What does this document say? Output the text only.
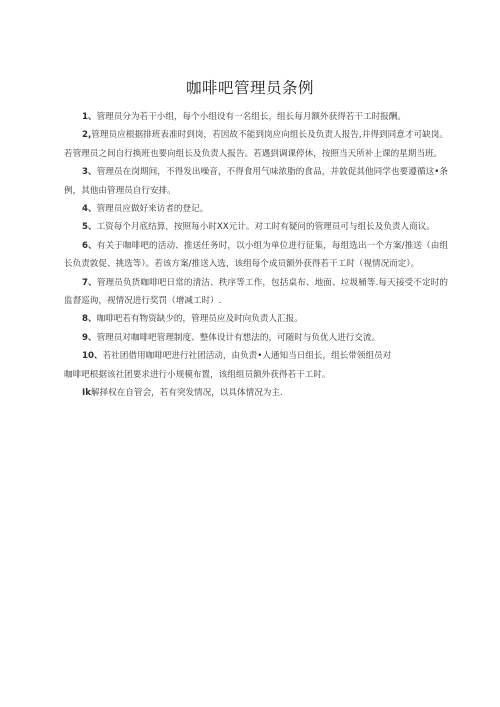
咖啡吧管理员条例

1、管理员分为若干小组，每个小组设有一名组长，组长每月额外获得若干工时报酬。

2,管理员应根据排班表准时到岗，若因故不能到岗应向组长及负责人报告,并得到同意才可缺岗。若管理员之间自行换班也要向组长及负责人报告。若遇到调课停休，按照当天所补上课的星期当班。

3、管理员在岗期间，不得发出噪音，不得食用气味浓脂的食品，并敦促其他同学也要遵循这•条例，其他由管理员自行安排。

4、管理员应做好来访者的登记。

5、工资每个月底结算，按照每小时XX元计。对工时有疑问的管理员可与组长及负责人商议。

6、有关于咖啡吧的活动、推送任务时，以小组为单位进行征集，每组选出一个方案/推送（由组长负责敦促、挑选等）。若该方案/推送入选，该组每个成员额外获得若干工时（视情况而定）。

7、管理员负货咖啡吧日常的清洁、秩序等工作，包括桌布、地面、垃圾桶等.每天接受不定时的监督巡询，视情况进行奖罚（增减工时）.

8、咖啡吧若有物资缺少的，管理员应及时向负责人汇报。

9、管理员对咖啡吧管理制度、整体设计有想法的，可随时与负优人进行交流。

10、若社团借用咖啡吧进行社团活动，由负责•人通知当日组长，组长带领组员对

咖啡吧根据该社团要求进行小规模布置，该组组员额外获得若干工时。

Ik解择权在自管会，若有突发情况，以具体情况为主.
